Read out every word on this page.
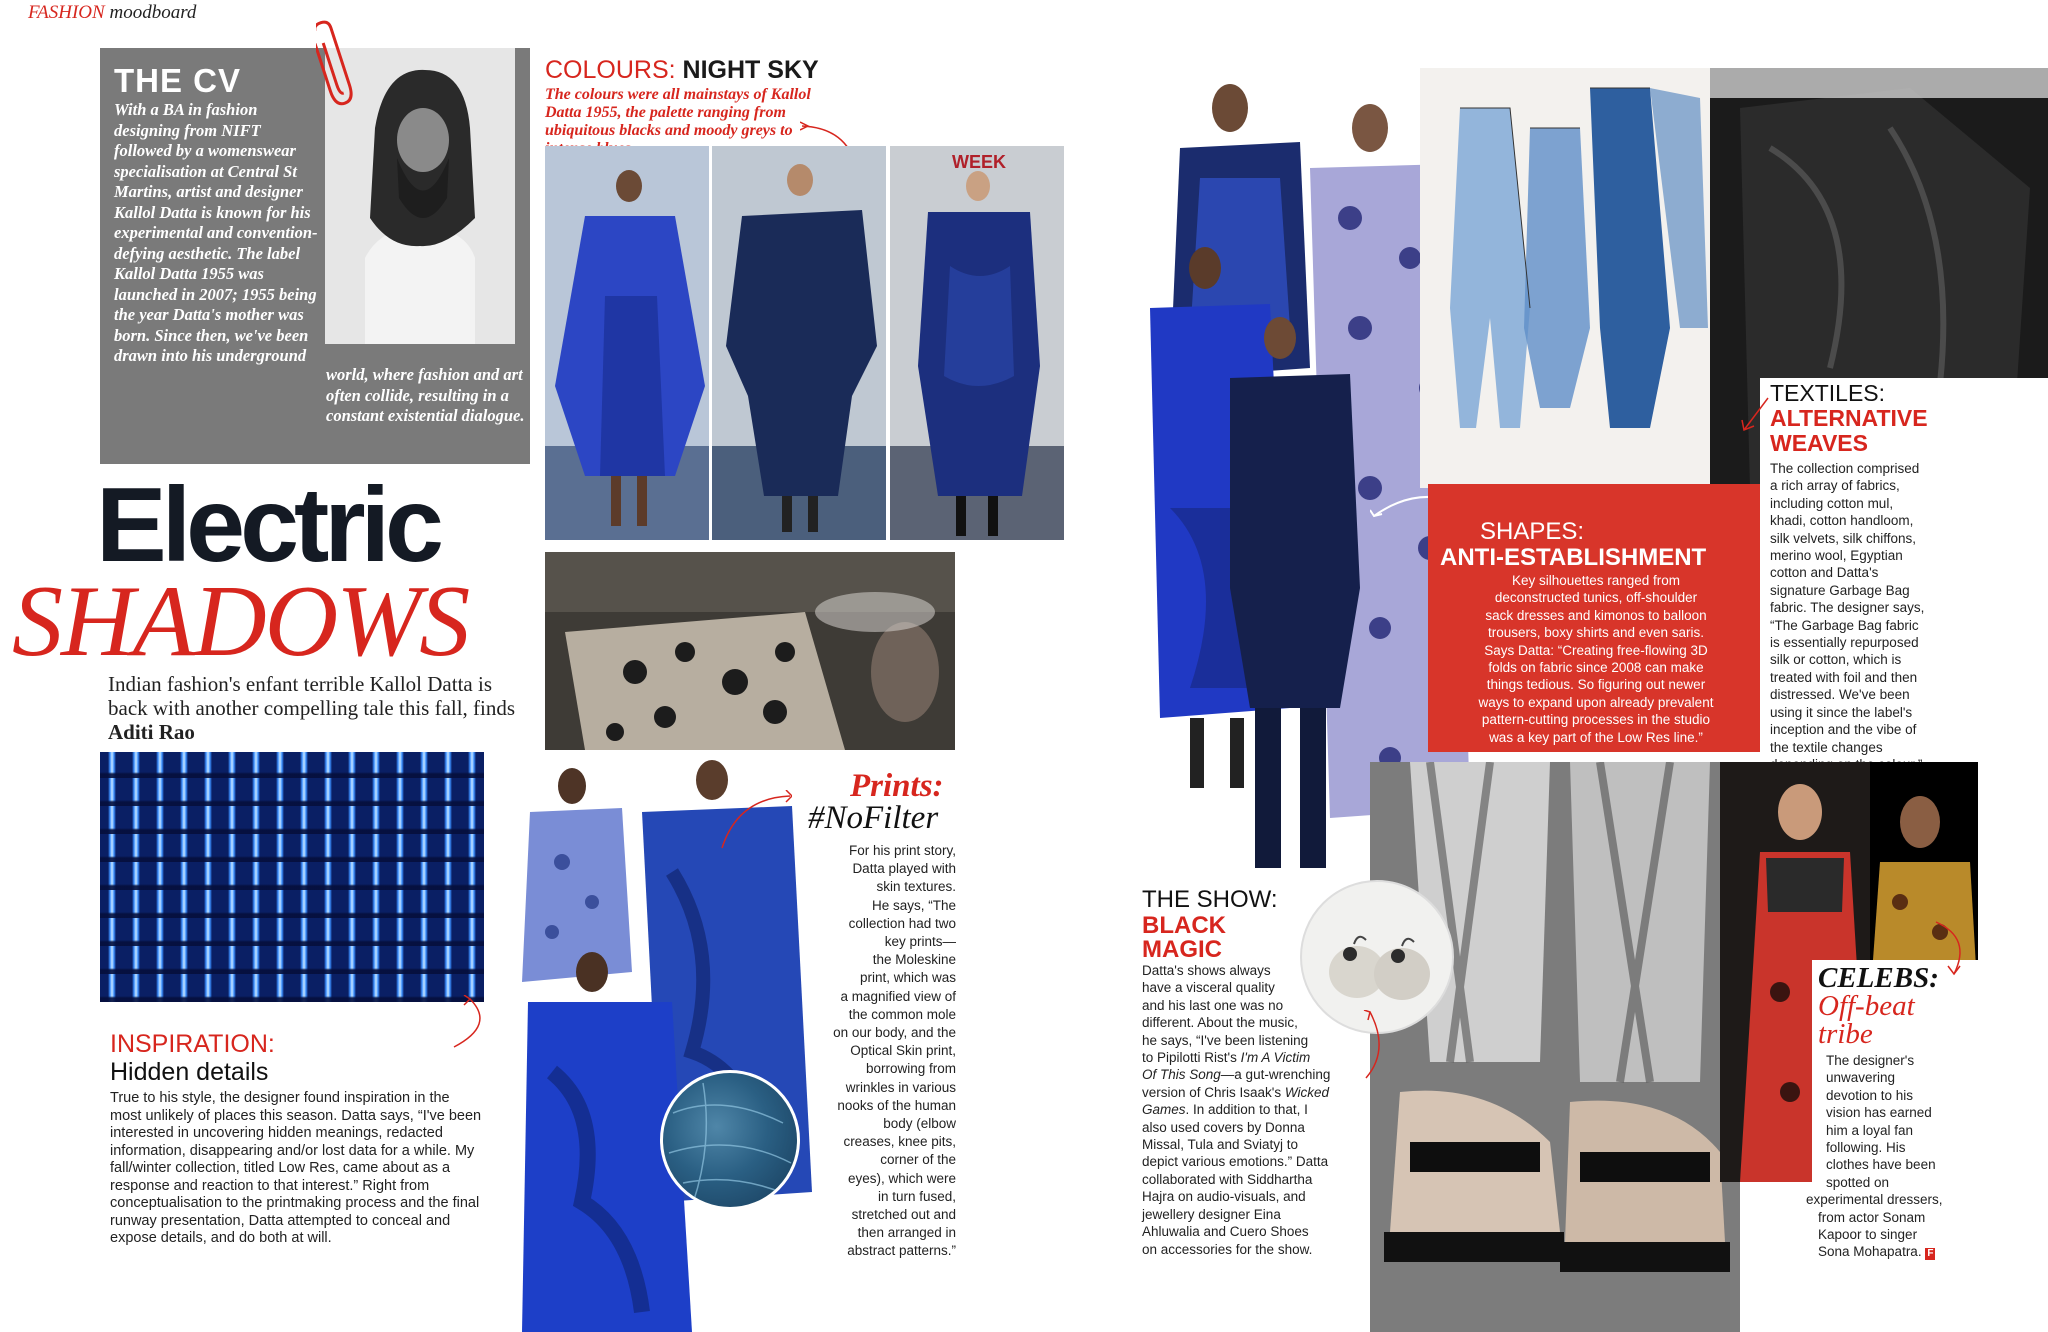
FASHION moodboard
THE CV
With a BA in fashion designing from NIFT followed by a womenswear specialisation at Central St Martins, artist and designer Kallol Datta is known for his experimental and convention-defying aesthetic. The label Kallol Datta 1955 was launched in 2007; 1955 being the year Datta's mother was born. Since then, we've been drawn into his underground
world, where fashion and art often collide, resulting in a constant existential dialogue.
COLOURS: NIGHT SKY
The colours were all mainstays of Kallol Datta 1955, the palette ranging from ubiquitous blacks and moody greys to
WEEK
Electric
SHADOWS
Indian fashion's enfant terrible Kallol Datta is back with another compelling tale this fall, finds Aditi Rao
INSPIRATION:
Hidden details
True to his style, the designer found inspiration in the most unlikely of places this season. Datta says, “I've been interested in uncovering hidden meanings, redacted information, disappearing and/or lost data for a while. My fall/winter collection, titled Low Res, came about as a response and reaction to that interest.” Right from conceptualisation to the printmaking process and the final runway presentation, Datta attempted to conceal and expose details, and do both at will.
Prints:
#NoFilter
For his print story,
Datta played with
skin textures.
He says, “The
collection had two
key prints—
the Moleskine
print, which was
a magnified view of
the common mole
on our body, and the
Optical Skin print,
borrowing from
wrinkles in various
nooks of the human
body (elbow
creases, knee pits,
corner of the
eyes), which were
in turn fused,
stretched out and
then arranged in
abstract patterns.”
TEXTILES:
ALTERNATIVE
WEAVES
The collection comprised
a rich array of fabrics,
including cotton mul,
khadi, cotton handloom,
silk velvets, silk chiffons,
merino wool, Egyptian
cotton and Datta's
signature Garbage Bag
fabric. The designer says,
“The Garbage Bag fabric
is essentially repurposed
silk or cotton, which is
treated with foil and then
distressed. We've been
using it since the label's
inception and the vibe of
the textile changes
SHAPES:
ANTI-ESTABLISHMENT
Key silhouettes ranged from
deconstructed tunics, off-shoulder
sack dresses and kimonos to balloon
trousers, boxy shirts and even saris.
Says Datta: “Creating free-flowing 3D
folds on fabric since 2008 can make
things tedious. So figuring out newer
ways to expand upon already prevalent
pattern-cutting processes in the studio
was a key part of the Low Res line.”
CELEBS:
Off-beat
tribe
The designer's
unwavering
devotion to his
vision has earned
him a loyal fan
following. His
clothes have been
spotted on
experimental dressers,
from actor Sonam
Kapoor to singer
Sona Mohapatra. F
THE SHOW:
BLACK
MAGIC
Datta's shows always
have a visceral quality
and his last one was no
different. About the music,
he says, “I've been listening
to Pipilotti Rist's I'm A Victim
Of This Song—a gut-wrenching
version of Chris Isaak's Wicked
Games. In addition to that, I
also used covers by Donna
Missal, Tula and Sviatyj to
depict various emotions.” Datta
collaborated with Siddhartha
Hajra on audio-visuals, and
jewellery designer Eina
Ahluwalia and Cuero Shoes
on accessories for the show.
